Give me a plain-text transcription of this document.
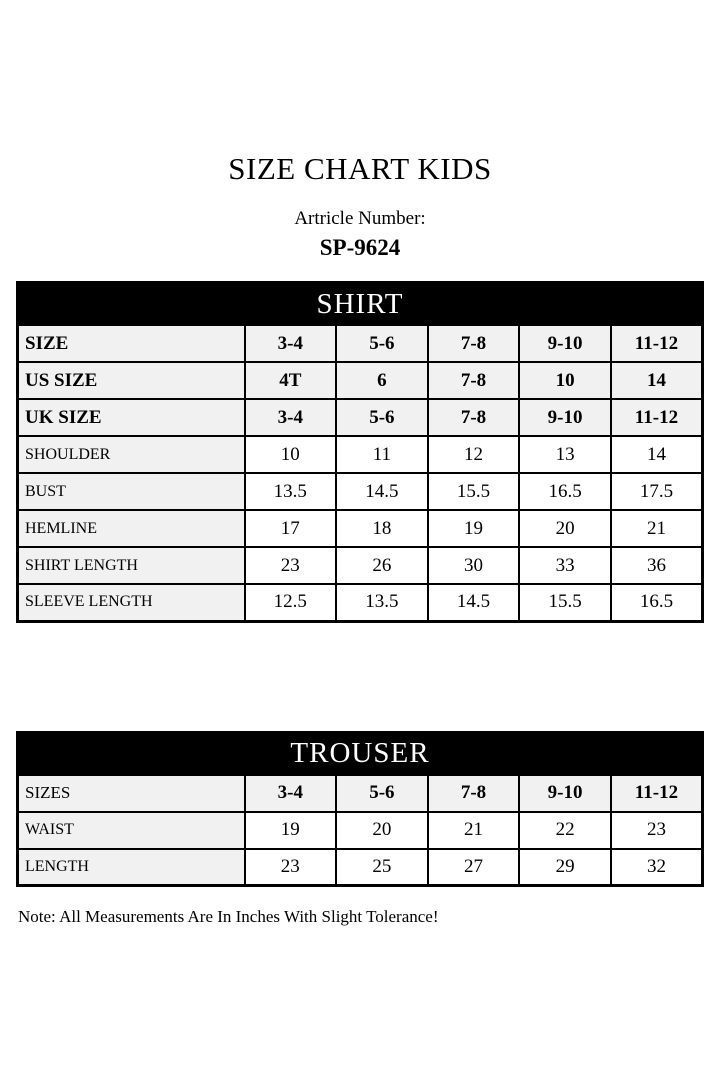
SIZE CHART KIDS
Artricle Number:
SP-9624
SHIRT					
SIZE	3-4	5-6	7-8	9-10	11-12
US SIZE	4T	6	7-8	10	14
UK SIZE	3-4	5-6	7-8	9-10	11-12
SHOULDER	10	11	12	13	14
BUST	13.5	14.5	15.5	16.5	17.5
HEMLINE	17	18	19	20	21
SHIRT LENGTH	23	26	30	33	36
SLEEVE LENGTH	12.5	13.5	14.5	15.5	16.5
TROUSER					
SIZES	3-4	5-6	7-8	9-10	11-12
WAIST	19	20	21	22	23
LENGTH	23	25	27	29	32
Note: All Measurements Are In Inches With Slight Tolerance!
